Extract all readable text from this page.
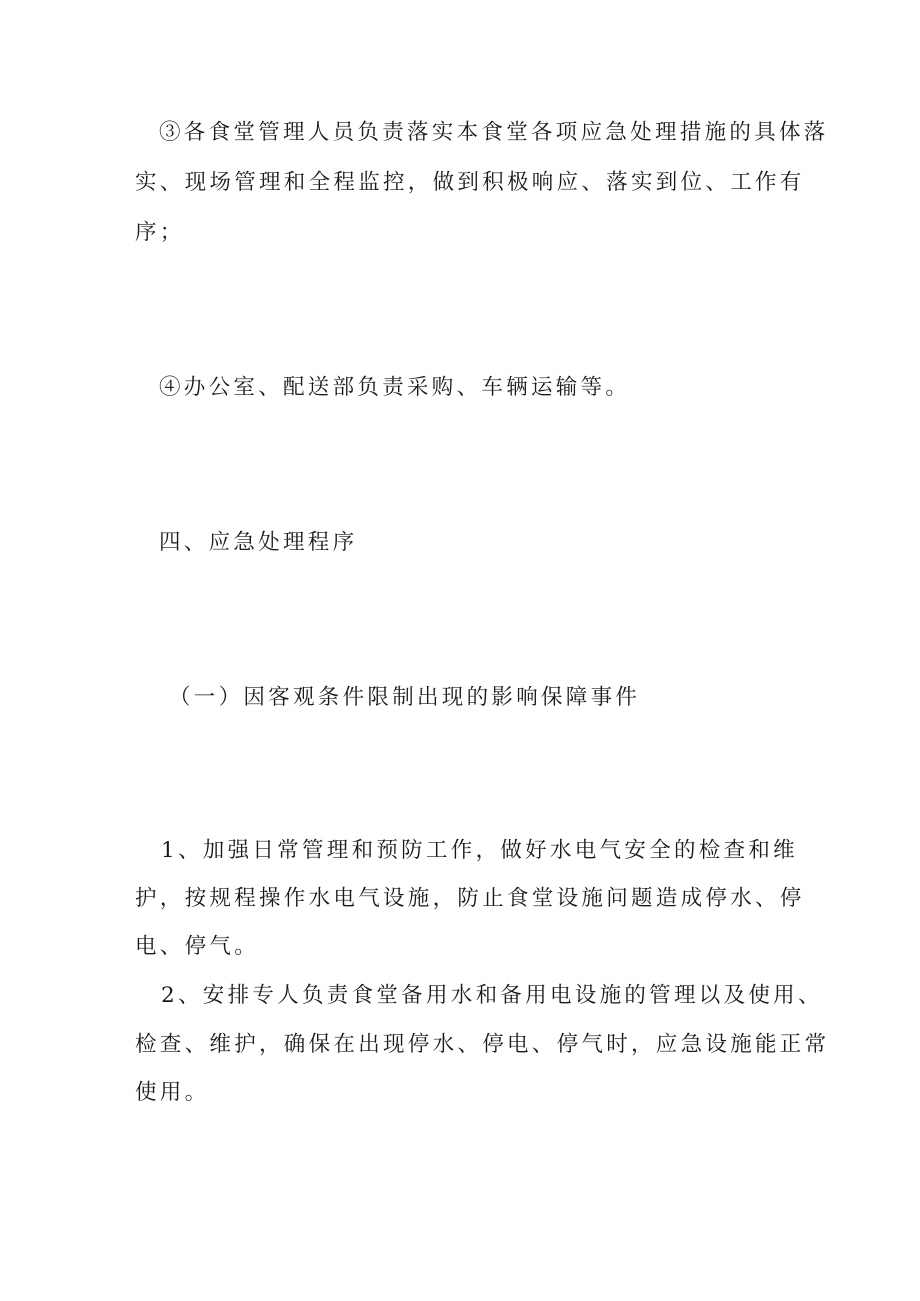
③各食堂管理人员负责落实本食堂各项应急处理措施的具体落

实、现场管理和全程监控，做到积极响应、落实到位、工作有

序；

④办公室、配送部负责采购、车辆运输等。

四、应急处理程序

（一）因客观条件限制出现的影响保障事件

1、加强日常管理和预防工作，做好水电气安全的检查和维

护，按规程操作水电气设施，防止食堂设施问题造成停水、停

电、停气。

2、安排专人负责食堂备用水和备用电设施的管理以及使用、

检查、维护，确保在出现停水、停电、停气时，应急设施能正常

使用。
